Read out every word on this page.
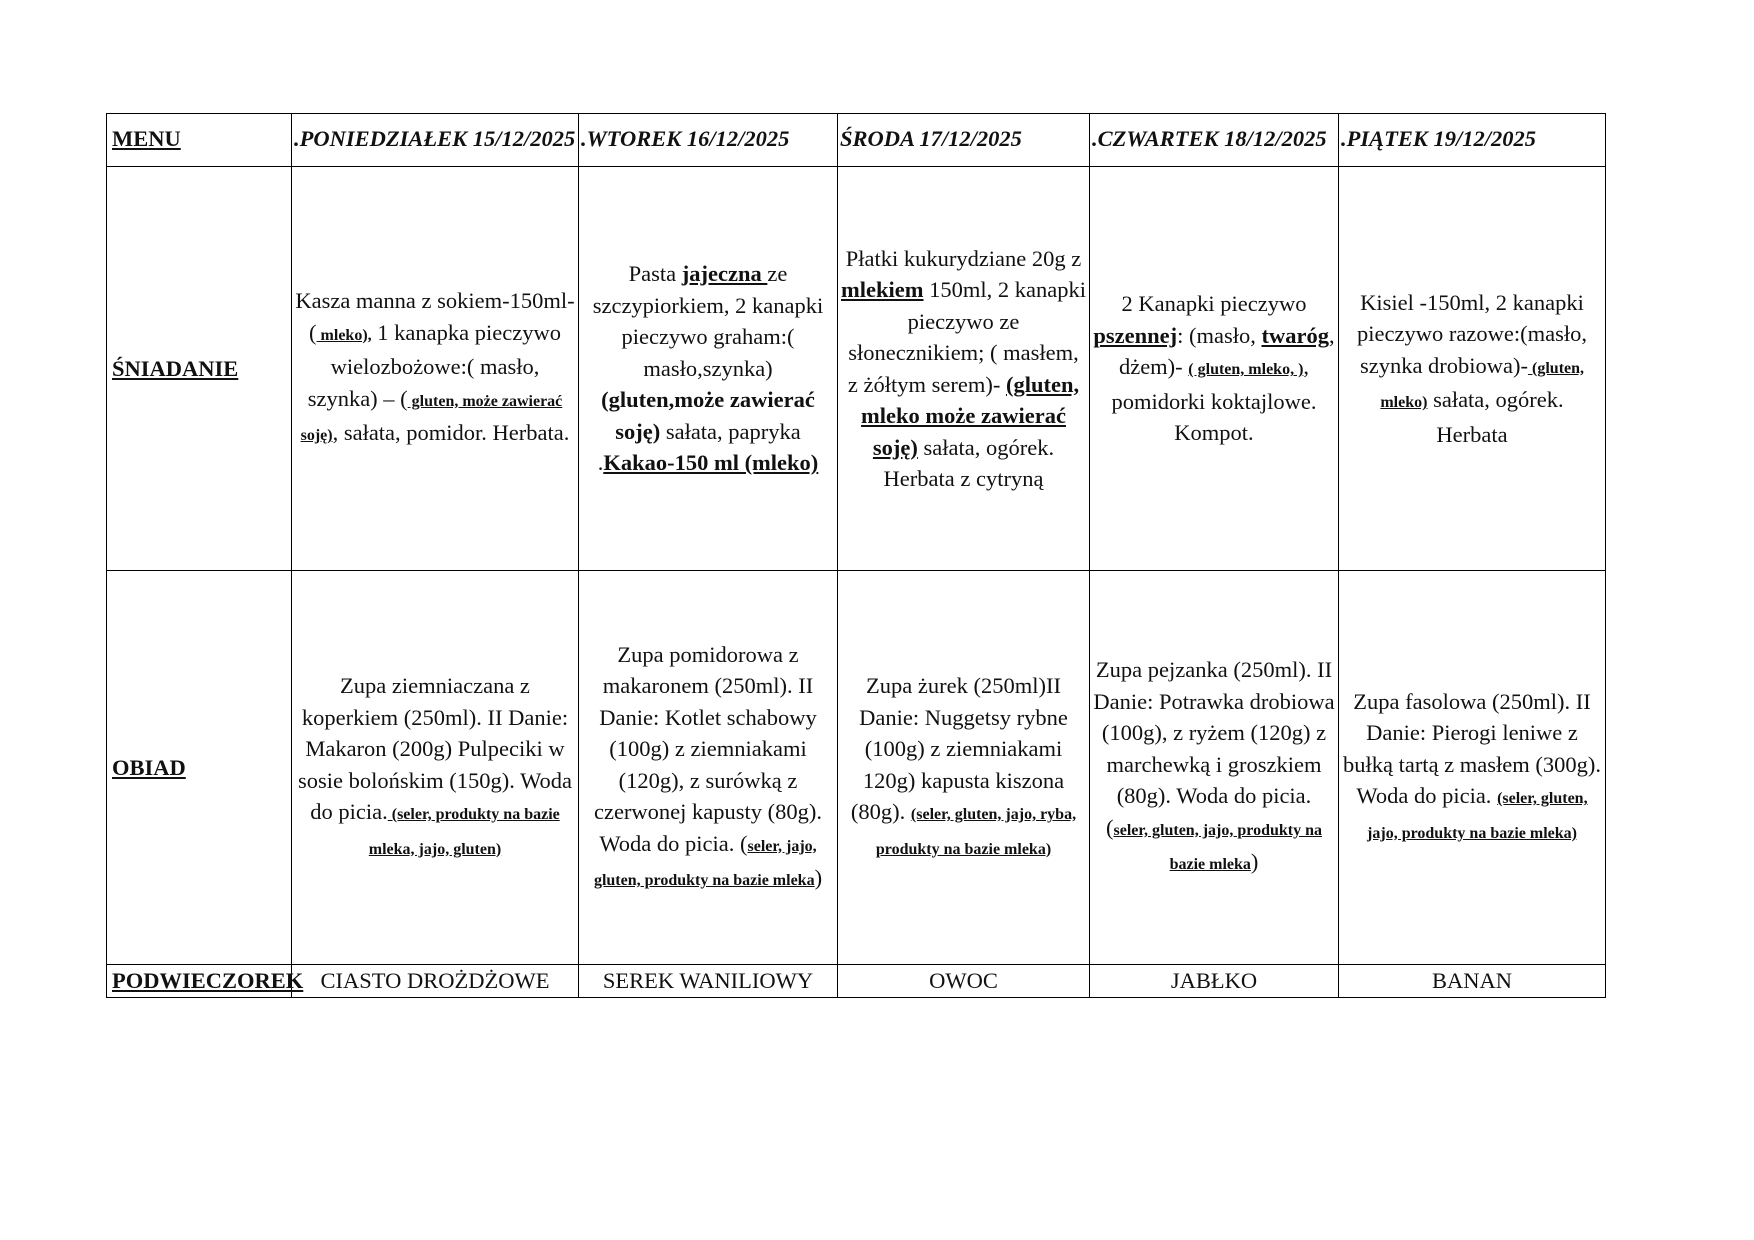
MENU	.PONIEDZIAŁEK 15/12/2025	.WTOREK 16/12/2025	ŚRODA 17/12/2025	.CZWARTEK 18/12/2025	.PIĄTEK 19/12/2025
ŚNIADANIE	Kasza manna z sokiem-150ml- ( mleko), 1 kanapka pieczywo wielozbożowe:( masło, szynka) – ( gluten, może zawierać soję), sałata, pomidor. Herbata.	Pasta jajeczna ze szczypiorkiem, 2 kanapki pieczywo graham:( masło,szynka)(gluten,może zawierać soję) sałata, papryka .Kakao-150 ml (mleko)	Płatki kukurydziane 20g z mlekiem 150ml, 2 kanapki pieczywo ze słonecznikiem; ( masłem, z żółtym serem)- (gluten, mleko może zawierać soję) sałata, ogórek. Herbata z cytryną	2 Kanapki pieczywo pszennej: (masło, twaróg, dżem)- ( gluten, mleko, ), pomidorki koktajlowe. Kompot.	Kisiel -150ml, 2 kanapki pieczywo razowe:(masło, szynka drobiowa)- (gluten, mleko) sałata, ogórek. Herbata
OBIAD	Zupa ziemniaczana z koperkiem (250ml). II Danie: Makaron (200g) Pulpeciki w sosie bolońskim (150g). Woda do picia. (seler, produkty na bazie mleka, jajo, gluten)	Zupa pomidorowa z makaronem (250ml). II Danie: Kotlet schabowy (100g) z ziemniakami (120g), z surówką z czerwonej kapusty (80g). Woda do picia. (seler, jajo, gluten, produkty na bazie mleka)	Zupa żurek (250ml)II Danie: Nuggetsy rybne (100g) z ziemniakami 120g) kapusta kiszona (80g). (seler, gluten, jajo, ryba, produkty na bazie mleka)	Zupa pejzanka (250ml). II Danie: Potrawka drobiowa (100g), z ryżem (120g) z marchewką i groszkiem (80g). Woda do picia. (seler, gluten, jajo, produkty na bazie mleka)	Zupa fasolowa (250ml). II Danie: Pierogi leniwe z bułką tartą z masłem (300g). Woda do picia. (seler, gluten, jajo, produkty na bazie mleka)
PODWIECZOREK	CIASTO DROŻDŻOWE	SEREK WANILIOWY	OWOC	JABŁKO	BANAN
